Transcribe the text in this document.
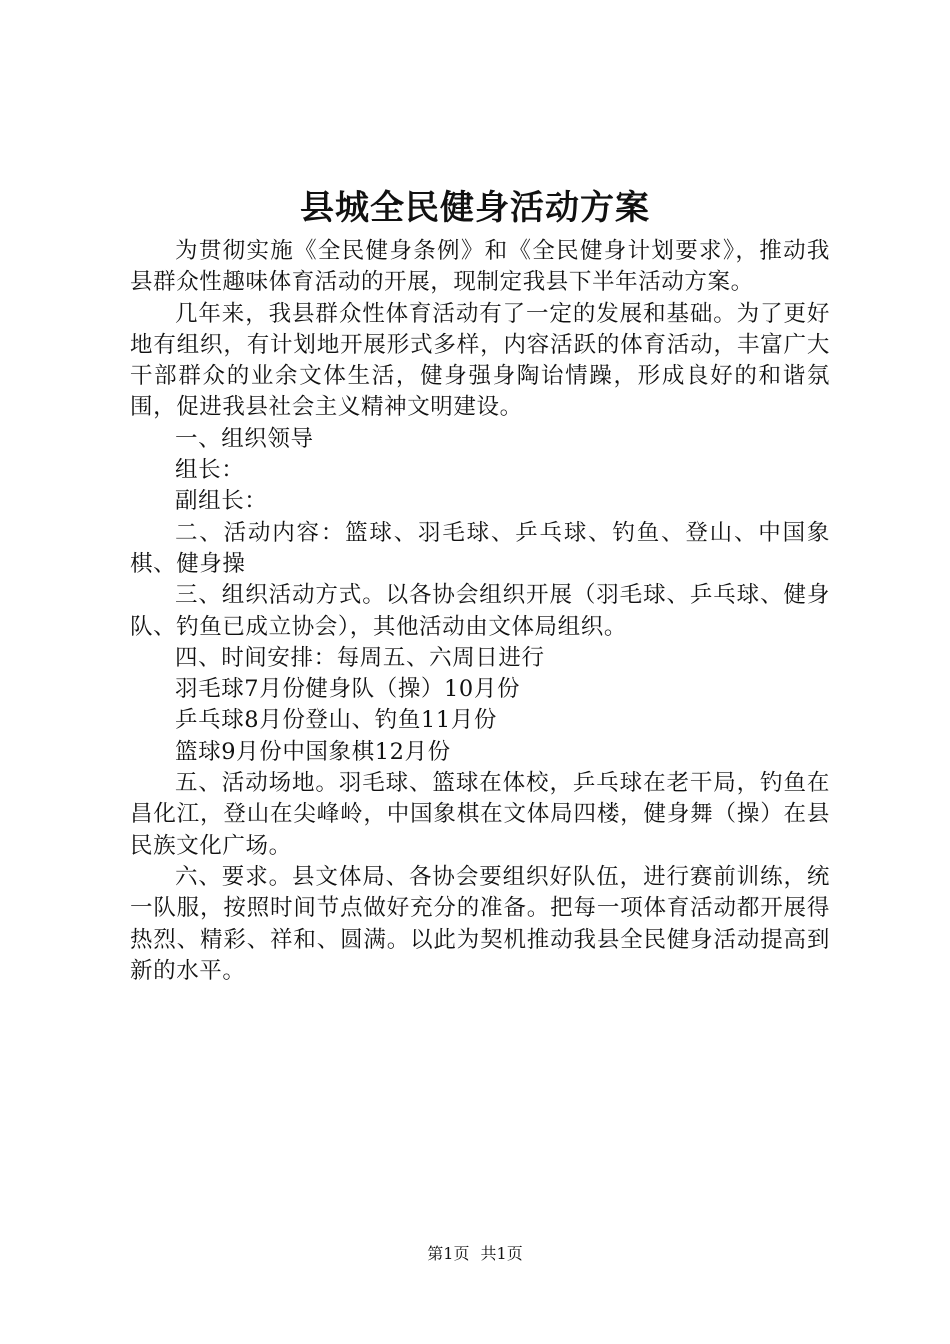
县城全民健身活动方案

为贯彻实施《全民健身条例》和《全民健身计划要求》，推动我县群众性趣味体育活动的开展，现制定我县下半年活动方案。

几年来，我县群众性体育活动有了一定的发展和基础。为了更好地有组织，有计划地开展形式多样，内容活跃的体育活动，丰富广大干部群众的业余文体生活，健身强身陶诒情躁，形成良好的和谐氛围，促进我县社会主义精神文明建设。

一、组织领导

组长：

副组长：

二、活动内容：篮球、羽毛球、乒乓球、钓鱼、登山、中国象棋、健身操

三、组织活动方式。以各协会组织开展（羽毛球、乒乓球、健身队、钓鱼已成立协会），其他活动由文体局组织。

四、时间安排：每周五、六周日进行

羽毛球7月份健身队（操）10月份

乒乓球8月份登山、钓鱼11月份

篮球9月份中国象棋12月份

五、活动场地。羽毛球、篮球在体校，乒乓球在老干局，钓鱼在昌化江，登山在尖峰岭，中国象棋在文体局四楼，健身舞（操）在县民族文化广场。

六、要求。县文体局、各协会要组织好队伍，进行赛前训练，统一队服，按照时间节点做好充分的准备。把每一项体育活动都开展得热烈、精彩、祥和、圆满。以此为契机推动我县全民健身活动提高到新的水平。

第1页 共1页
